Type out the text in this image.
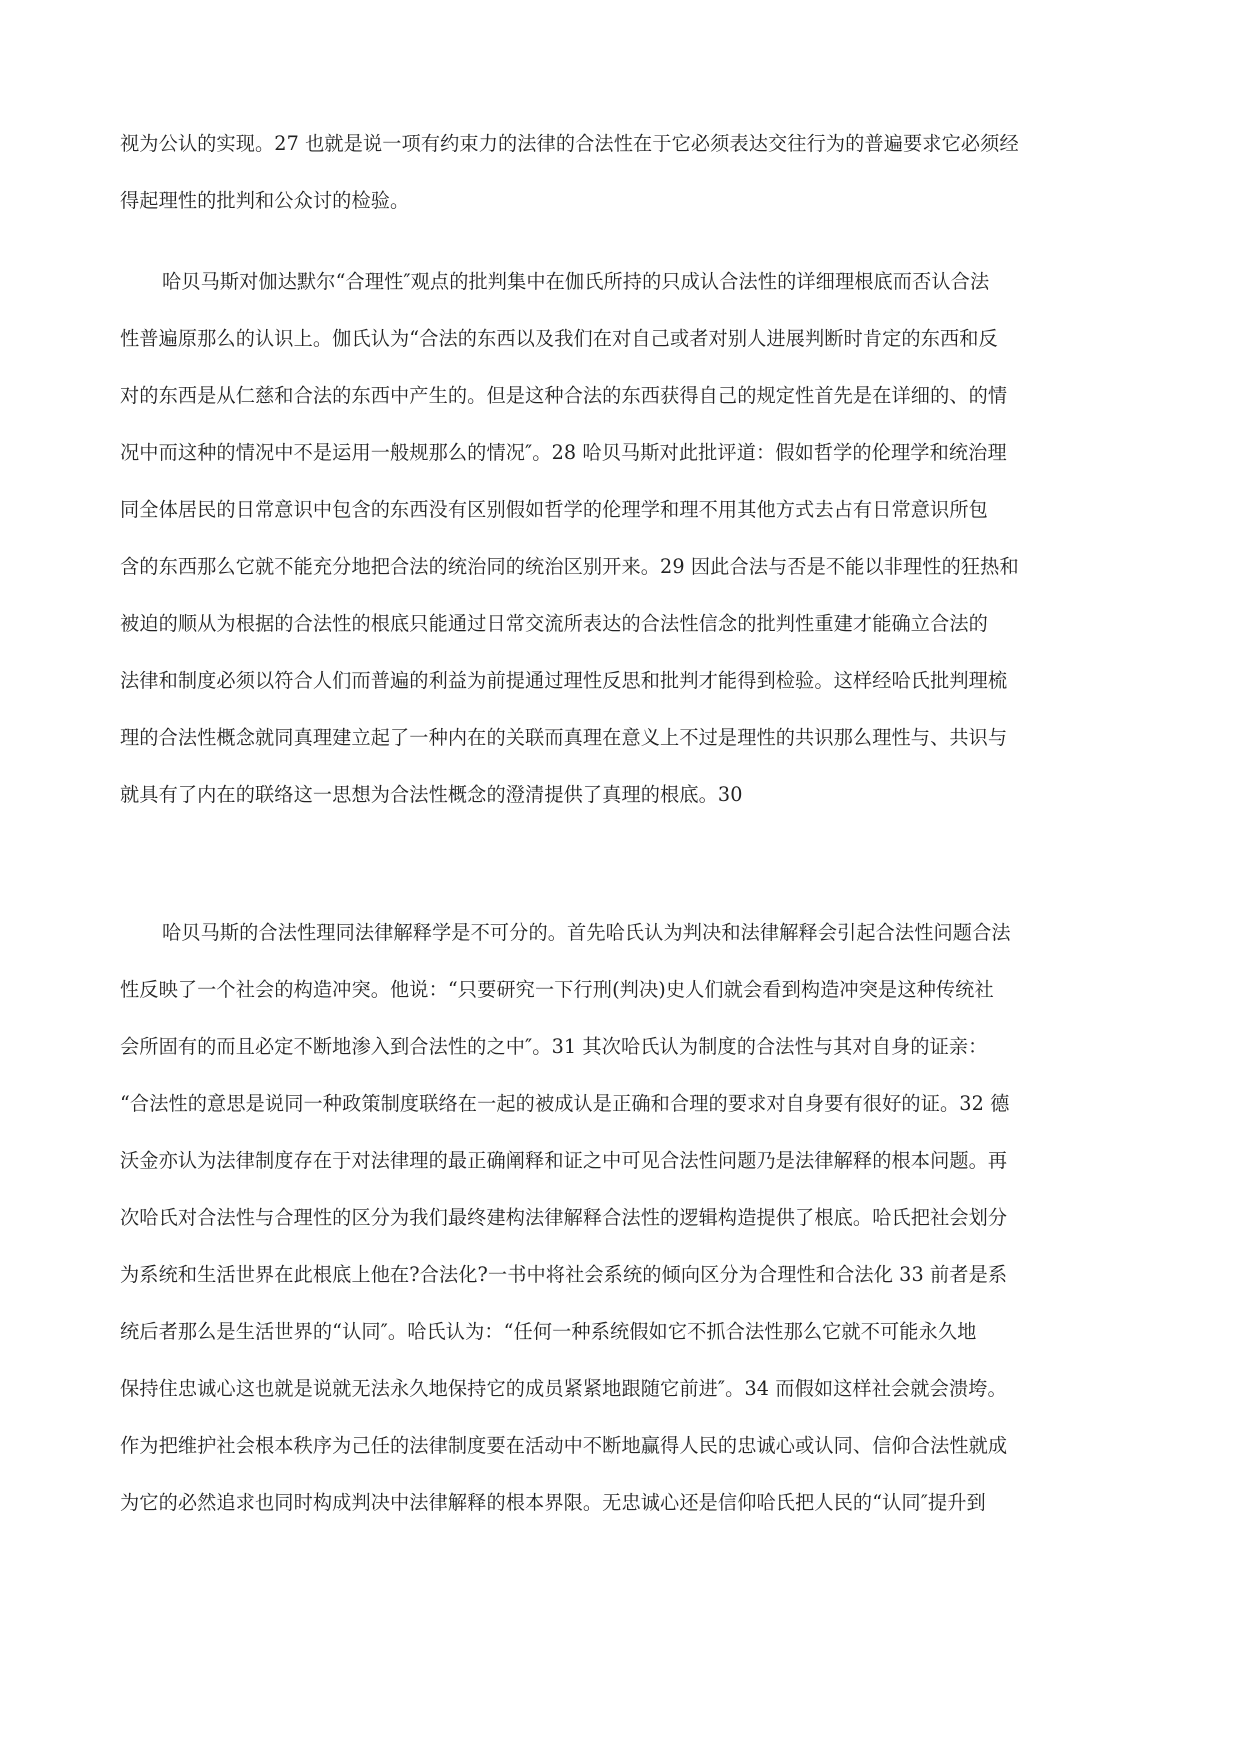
视为公认的实现。27 也就是说一项有约束力的法律的合法性在于它必须表达交往行为的普遍要求它必须经
得起理性的批判和公众讨的检验。
哈贝马斯对伽达默尔“合理性″观点的批判集中在伽氏所持的只成认合法性的详细理根底而否认合法
性普遍原那么的认识上。伽氏认为“合法的东西以及我们在对自己或者对别人进展判断时肯定的东西和反
对的东西是从仁慈和合法的东西中产生的。但是这种合法的东西获得自己的规定性首先是在详细的、的情
况中而这种的情况中不是运用一般规那么的情况″。28 哈贝马斯对此批评道：假如哲学的伦理学和统治理
同全体居民的日常意识中包含的东西没有区别假如哲学的伦理学和理不用其他方式去占有日常意识所包
含的东西那么它就不能充分地把合法的统治同的统治区别开来。29 因此合法与否是不能以非理性的狂热和
被迫的顺从为根据的合法性的根底只能通过日常交流所表达的合法性信念的批判性重建才能确立合法的
法律和制度必须以符合人们而普遍的利益为前提通过理性反思和批判才能得到检验。这样经哈氏批判理梳
理的合法性概念就同真理建立起了一种内在的关联而真理在意义上不过是理性的共识那么理性与、共识与
就具有了内在的联络这一思想为合法性概念的澄清提供了真理的根底。30
哈贝马斯的合法性理同法律解释学是不可分的。首先哈氏认为判决和法律解释会引起合法性问题合法
性反映了一个社会的构造冲突。他说：“只要研究一下行刑(判决)史人们就会看到构造冲突是这种传统社
会所固有的而且必定不断地渗入到合法性的之中″。31 其次哈氏认为制度的合法性与其对自身的证亲：
“合法性的意思是说同一种政策制度联络在一起的被成认是正确和合理的要求对自身要有很好的证。32 德
沃金亦认为法律制度存在于对法律理的最正确阐释和证之中可见合法性问题乃是法律解释的根本问题。再
次哈氏对合法性与合理性的区分为我们最终建构法律解释合法性的逻辑构造提供了根底。哈氏把社会划分
为系统和生活世界在此根底上他在?合法化?一书中将社会系统的倾向区分为合理性和合法化 33 前者是系
统后者那么是生活世界的“认同″。哈氏认为：“任何一种系统假如它不抓合法性那么它就不可能永久地
保持住忠诚心这也就是说就无法永久地保持它的成员紧紧地跟随它前进″。34 而假如这样社会就会溃垮。
作为把维护社会根本秩序为己任的法律制度要在活动中不断地赢得人民的忠诚心或认同、信仰合法性就成
为它的必然追求也同时构成判决中法律解释的根本界限。无忠诚心还是信仰哈氏把人民的“认同″提升到
